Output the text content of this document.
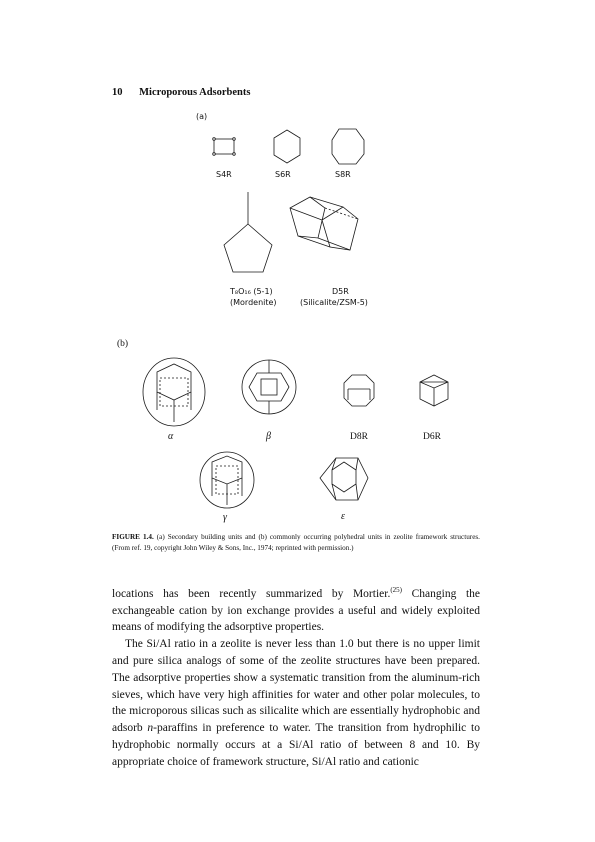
10 Microporous Adsorbents
(a)
S4R	S6R	S8R
T₈O₁₆ (5-1)
(Mordenite)
D5R
(Silicalite/ZSM-5)
(b)
α	β	D8R	D6R
γ	ε
FIGURE 1.4. (a) Secondary building units and (b) commonly occurring polyhedral units in zeolite framework structures. (From ref. 19, copyright John Wiley & Sons, Inc., 1974; reprinted with permission.)

locations has been recently summarized by Mortier.$^{(25)}$ Changing the exchangeable cation by ion exchange provides a useful and widely exploited means of modifying the adsorptive properties.

The Si/Al ratio in a zeolite is never less than 1.0 but there is no upper limit and pure silica analogs of some of the zeolite structures have been prepared. The adsorptive properties show a systematic transition from the aluminum-rich sieves, which have very high affinities for water and other polar molecules, to the microporous silicas such as silicalite which are essentially hydrophobic and adsorb n-paraffins in preference to water. The transition from hydrophilic to hydrophobic normally occurs at a Si/Al ratio of between 8 and 10. By appropriate choice of framework structure, Si/Al ratio and cationic
